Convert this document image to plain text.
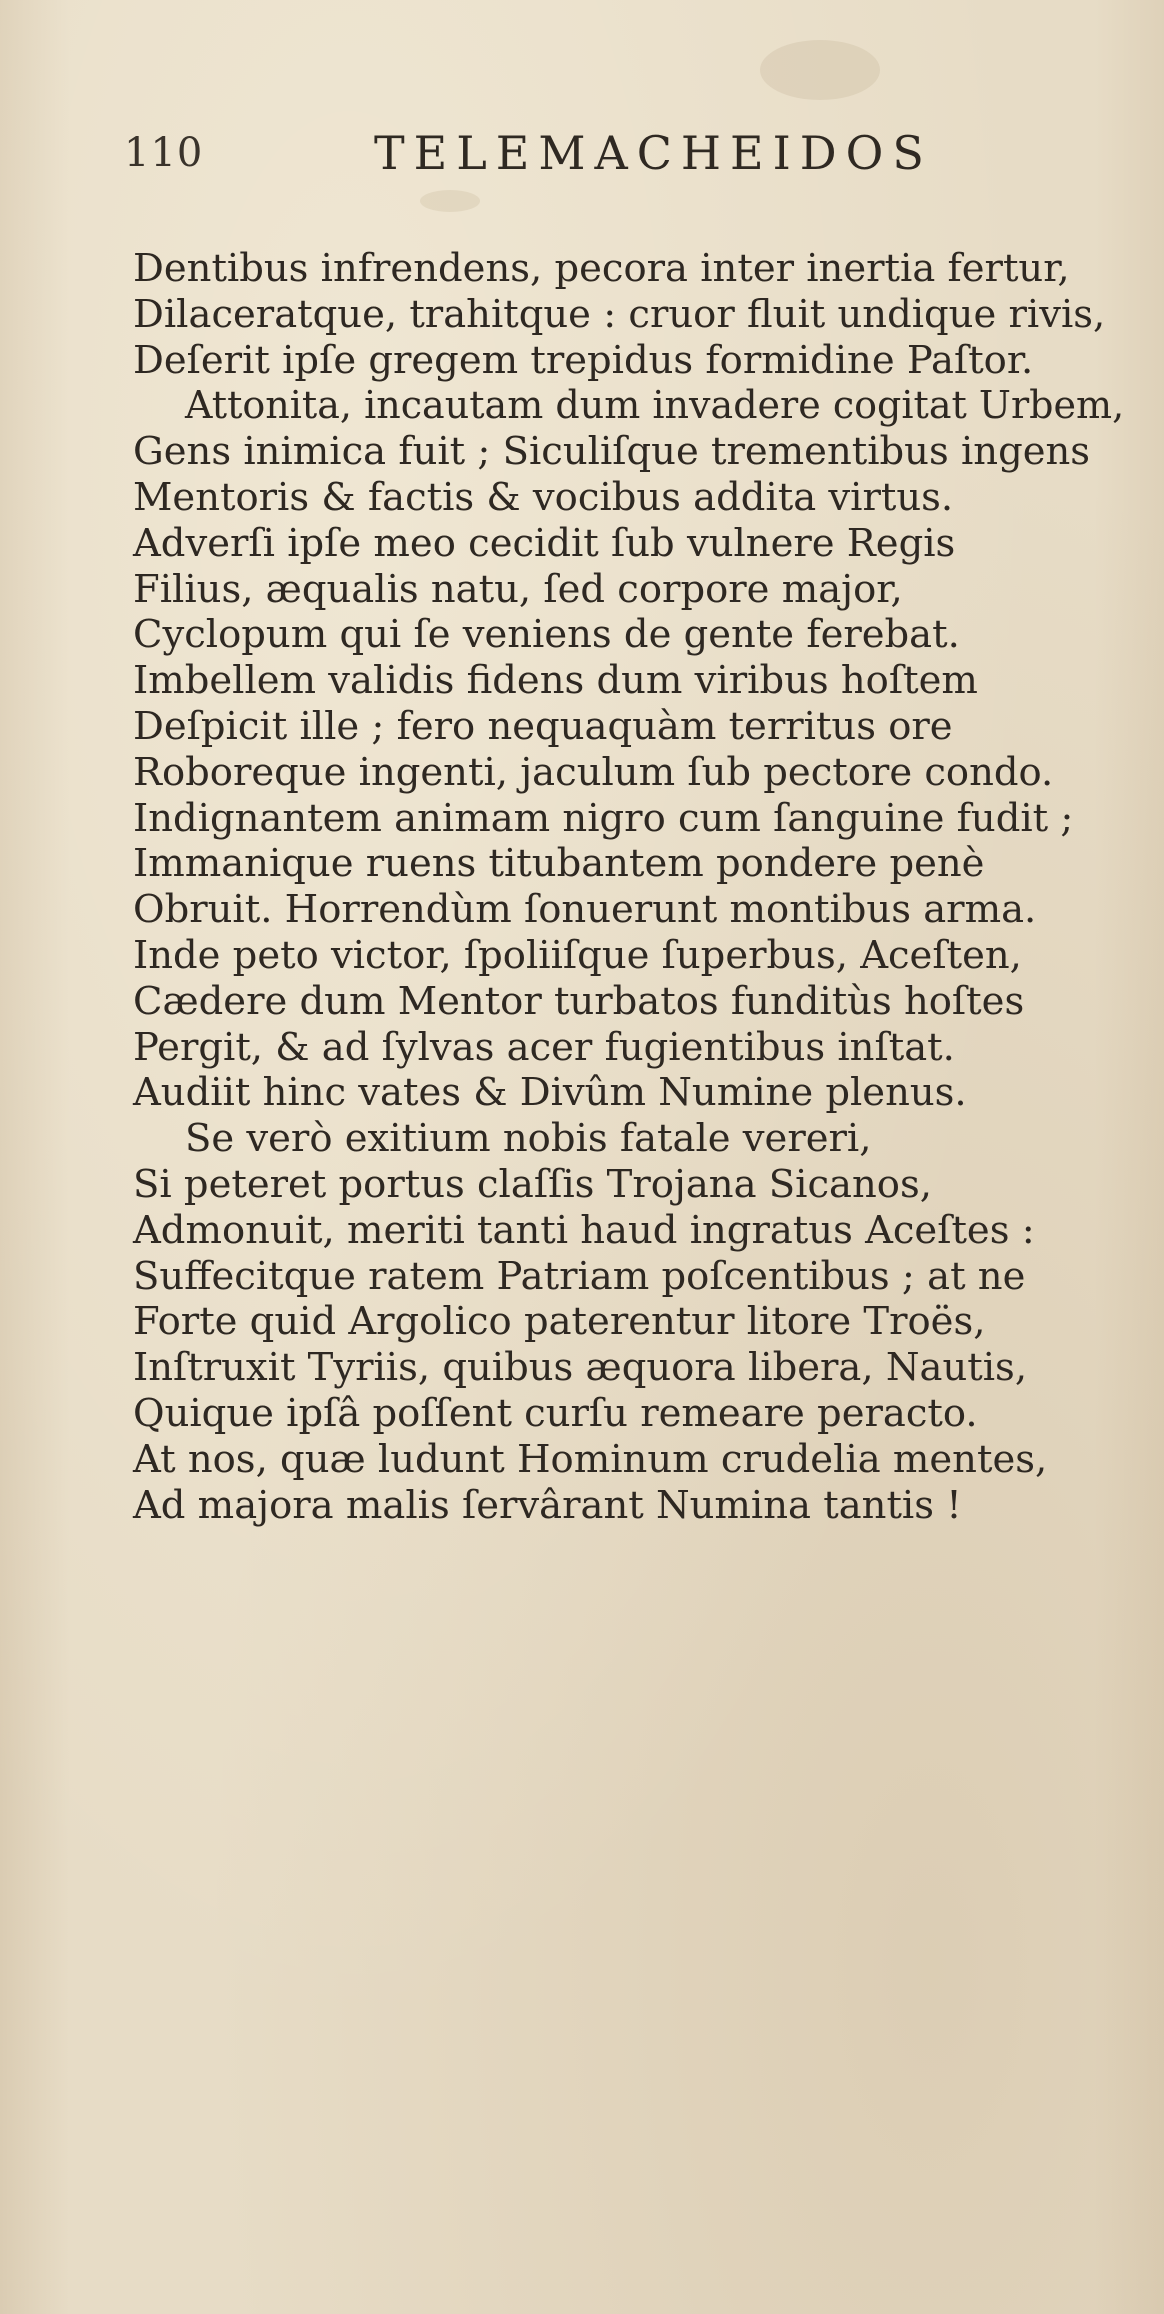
110	TELEMACHEIDOS
Dentibus infrendens, pecora inter inertia fertur,
Dilaceratque, trahitque : cruor fluit undique rivis,
Deſerit ipſe gregem trepidus formidine Paſtor.
Attonita, incautam dum invadere cogitat Urbem,
Gens inimica fuit ; Siculiſque trementibus ingens
Mentoris & factis & vocibus addita virtus.
Adverſi ipſe meo cecidit ſub vulnere Regis
Filius, æqualis natu, ſed corpore major,
Cyclopum qui ſe veniens de gente ferebat.
Imbellem validis fidens dum viribus hoſtem
Deſpicit ille ; fero nequaquàm territus ore
Roboreque ingenti, jaculum ſub pectore condo.
Indignantem animam nigro cum ſanguine fudit ;
Immanique ruens titubantem pondere penè
Obruit. Horrendùm ſonuerunt montibus arma.
Inde peto victor, ſpoliiſque ſuperbus, Aceſten,
Cædere dum Mentor turbatos funditùs hoſtes
Pergit, & ad ſylvas acer fugientibus inſtat.
Audiit hinc vates & Divûm Numine plenus.
Se verò exitium nobis fatale vereri,
Si peteret portus claſſis Trojana Sicanos,
Admonuit, meriti tanti haud ingratus Aceſtes :
Suffecitque ratem Patriam poſcentibus ; at ne
Forte quid Argolico paterentur litore Troës,
Inſtruxit Tyriis, quibus æquora libera, Nautis,
Quique ipſâ poſſent curſu remeare peracto.
At nos, quæ ludunt Hominum crudelia mentes,
Ad majora malis ſervârant Numina tantis !
